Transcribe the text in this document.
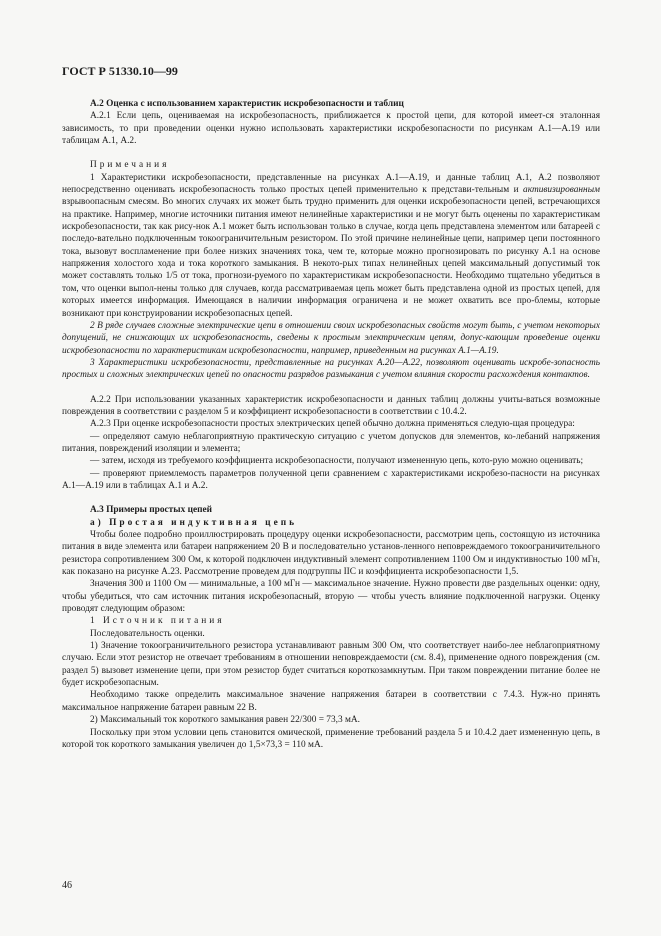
ГОСТ Р 51330.10—99

А.2 Оценка с использованием характеристик искробезопасности и таблиц

А.2.1 Если цепь, оцениваемая на искробезопасность, приближается к простой цепи, для которой имеет-ся эталонная зависимость, то при проведении оценки нужно использовать характеристики искробезопасности по рисункам А.1—А.19 или таблицам А.1, А.2.

Примечания

1 Характеристики искробезопасности, представленные на рисунках А.1—А.19, и данные таблиц А.1, А.2 позволяют непосредственно оценивать искробезопасность только простых цепей применительно к представи-тельным и активизированным взрывоопасным смесям. Во многих случаях их может быть трудно применить для оценки искробезопасности цепей, встречающихся на практике. Например, многие источники питания имеют нелинейные характеристики и не могут быть оценены по характеристикам искробезопасности, так как рису-нок А.1 может быть использован только в случае, когда цепь представлена элементом или батареей с последо-вательно подключенным токоограничительным резистором. По этой причине нелинейные цепи, например цепи постоянного тока, вызовут воспламенение при более низких значениях тока, чем те, которые можно прогнозировать по рисунку А.1 на основе напряжения холостого хода и тока короткого замыкания. В некото-рых типах нелинейных цепей максимальный допустимый ток может составлять только 1/5 от тока, прогнози-руемого по характеристикам искробезопасности. Необходимо тщательно убедиться в том, что оценки выпол-нены только для случаев, когда рассматриваемая цепь может быть представлена одной из простых цепей, для которых имеется информация. Имеющаяся в наличии информация ограничена и не может охватить все про-блемы, которые возникают при конструировании искробезопасных цепей.

2 В ряде случаев сложные электрические цепи в отношении своих искробезопасных свойств могут быть, с учетом некоторых допущений, не снижающих их искробезопасность, сведены к простым электрическим цепям, допус-кающим проведение оценки искробезопасности по характеристикам искробезопасности, например, приведенным на рисунках А.1—А.19.

3 Характеристики искробезопасности, представленные на рисунках А.20—А.22, позволяют оценивать искробе-зопасность простых и сложных электрических цепей по опасности разрядов размыкания с учетом влияния скорости расхождения контактов.

А.2.2 При использовании указанных характеристик искробезопасности и данных таблиц должны учиты-ваться возможные повреждения в соответствии с разделом 5 и коэффициент искробезопасности в соответствии с 10.4.2.

А.2.3 При оценке искробезопасности простых электрических цепей обычно должна применяться следую-щая процедура:

— определяют самую неблагоприятную практическую ситуацию с учетом допусков для элементов, ко-лебаний напряжения питания, повреждений изоляции и элемента;

— затем, исходя из требуемого коэффициента искробезопасности, получают измененную цепь, кото-рую можно оценивать;

— проверяют приемлемость параметров полученной цепи сравнением с характеристиками искробезо-пасности на рисунках А.1—А.19 или в таблицах А.1 и А.2.

А.3 Примеры простых цепей

а) Простая индуктивная цепь

Чтобы более подробно проиллюстрировать процедуру оценки искробезопасности, рассмотрим цепь, состоящую из источника питания в виде элемента или батареи напряжением 20 В и последовательно установ-ленного неповреждаемого токоограничительного резистора сопротивлением 300 Ом, к которой подключен индуктивный элемент сопротивлением 1100 Ом и индуктивностью 100 мГн, как показано на рисунке А.23. Рассмотрение проведем для подгруппы IIC и коэффициента искробезопасности 1,5.

Значения 300 и 1100 Ом — минимальные, а 100 мГн — максимальное значение. Нужно провести две раздельных оценки: одну, чтобы убедиться, что сам источник питания искробезопасный, вторую — чтобы учесть влияние подключенной нагрузки. Оценку проводят следующим образом:

1 Источник питания

Последовательность оценки.

1) Значение токоограничительного резистора устанавливают равным 300 Ом, что соответствует наибо-лее неблагоприятному случаю. Если этот резистор не отвечает требованиям в отношении неповреждаемости (см. 8.4), применение одного повреждения (см. раздел 5) вызовет изменение цепи, при этом резистор будет считаться короткозамкнутым. При таком повреждении питание более не будет искробезопасным.

Необходимо также определить максимальное значение напряжения батареи в соответствии с 7.4.3. Нуж-но принять максимальное напряжение батареи равным 22 В.

2) Максимальный ток короткого замыкания равен 22/300 = 73,3 мА.

Поскольку при этом условии цепь становится омической, применение требований раздела 5 и 10.4.2 дает измененную цепь, в которой ток короткого замыкания увеличен до 1,5×73,3 = 110 мА.

46
